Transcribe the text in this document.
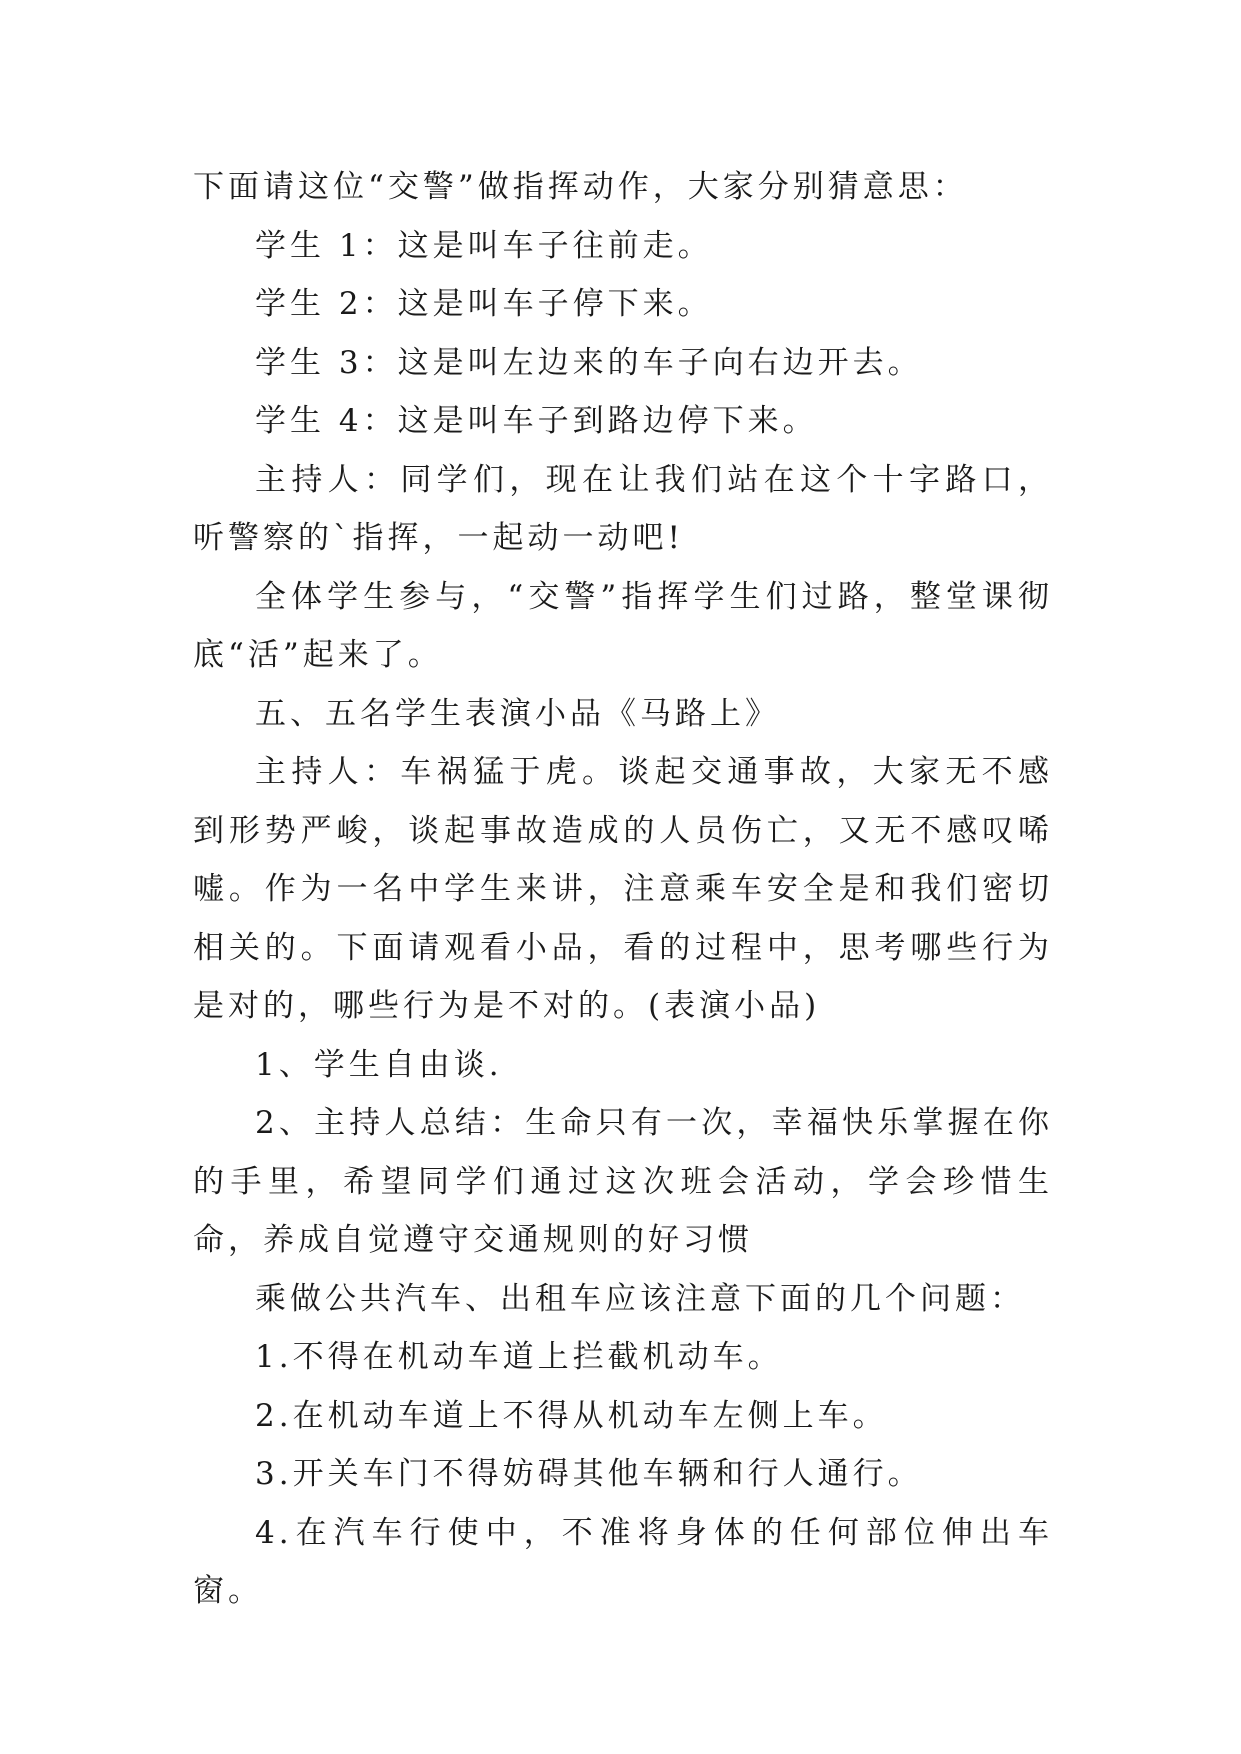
下面请这位“交警”做指挥动作，大家分别猜意思：

学生 1：这是叫车子往前走。

学生 2：这是叫车子停下来。

学生 3：这是叫左边来的车子向右边开去。

学生 4：这是叫车子到路边停下来。

主持人：同学们，现在让我们站在这个十字路口，听警察的`指挥，一起动一动吧!

全体学生参与，“交警”指挥学生们过路，整堂课彻底“活”起来了。

五、五名学生表演小品《马路上》

主持人：车祸猛于虎。谈起交通事故，大家无不感到形势严峻，谈起事故造成的人员伤亡，又无不感叹唏嘘。作为一名中学生来讲，注意乘车安全是和我们密切相关的。下面请观看小品，看的过程中，思考哪些行为是对的，哪些行为是不对的。(表演小品)

1、学生自由谈.

2、主持人总结：生命只有一次，幸福快乐掌握在你的手里，希望同学们通过这次班会活动，学会珍惜生命，养成自觉遵守交通规则的好习惯

乘做公共汽车、出租车应该注意下面的几个问题：

1.不得在机动车道上拦截机动车。

2.在机动车道上不得从机动车左侧上车。

3.开关车门不得妨碍其他车辆和行人通行。

4.在汽车行使中，不准将身体的任何部位伸出车窗。
